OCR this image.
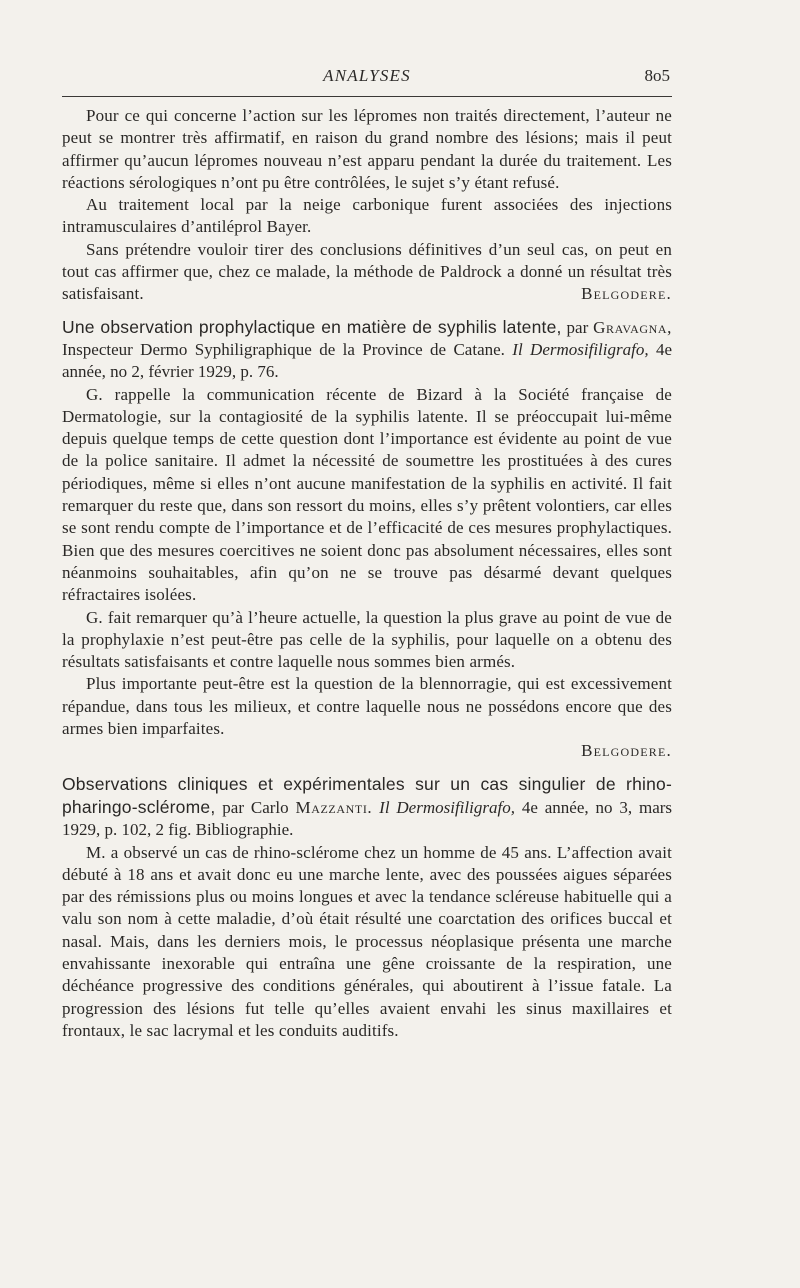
ANALYSES	8o5

Pour ce qui concerne l’action sur les lépromes non traités directement, l’auteur ne peut se montrer très affirmatif, en raison du grand nombre des lésions; mais il peut affirmer qu’aucun lépromes nouveau n’est apparu pendant la durée du traitement. Les réactions sérologiques n’ont pu être contrôlées, le sujet s’y étant refusé.

Au traitement local par la neige carbonique furent associées des injections intramusculaires d’antiléprol Bayer.

Sans prétendre vouloir tirer des conclusions définitives d’un seul cas, on peut en tout cas affirmer que, chez ce malade, la méthode de Paldrock a donné un résultat très satisfaisant.	Belgodere.

Une observation prophylactique en matière de syphilis latente, par Gravagna, Inspecteur Dermo Syphiligraphique de la Province de Catane. Il Dermosifiligrafo, 4e année, no 2, février 1929, p. 76.

G. rappelle la communication récente de Bizard à la Société française de Dermatologie, sur la contagiosité de la syphilis latente. Il se préoccupait lui-même depuis quelque temps de cette question dont l’importance est évidente au point de vue de la police sanitaire. Il admet la nécessité de soumettre les prostituées à des cures périodiques, même si elles n’ont aucune manifestation de la syphilis en activité. Il fait remarquer du reste que, dans son ressort du moins, elles s’y prêtent volontiers, car elles se sont rendu compte de l’importance et de l’efficacité de ces mesures prophylactiques. Bien que des mesures coercitives ne soient donc pas absolument nécessaires, elles sont néanmoins souhaitables, afin qu’on ne se trouve pas désarmé devant quelques réfractaires isolées.

G. fait remarquer qu’à l’heure actuelle, la question la plus grave au point de vue de la prophylaxie n’est peut-être pas celle de la syphilis, pour laquelle on a obtenu des résultats satisfaisants et contre laquelle nous sommes bien armés.

Plus importante peut-être est la question de la blennorragie, qui est excessivement répandue, dans tous les milieux, et contre laquelle nous ne possédons encore que des armes bien imparfaites.

Belgodere.

Observations cliniques et expérimentales sur un cas singulier de rhino-pharingo-sclérome, par Carlo Mazzanti. Il Dermosifiligrafo, 4e année, no 3, mars 1929, p. 102, 2 fig. Bibliographie.

M. a observé un cas de rhino-sclérome chez un homme de 45 ans. L’affection avait débuté à 18 ans et avait donc eu une marche lente, avec des poussées aigues séparées par des rémissions plus ou moins longues et avec la tendance scléreuse habituelle qui a valu son nom à cette maladie, d’où était résulté une coarctation des orifices buccal et nasal. Mais, dans les derniers mois, le processus néoplasique présenta une marche envahissante inexorable qui entraîna une gêne croissante de la respiration, une déchéance progressive des conditions générales, qui aboutirent à l’issue fatale. La progression des lésions fut telle qu’elles avaient envahi les sinus maxillaires et frontaux, le sac lacrymal et les conduits auditifs.
